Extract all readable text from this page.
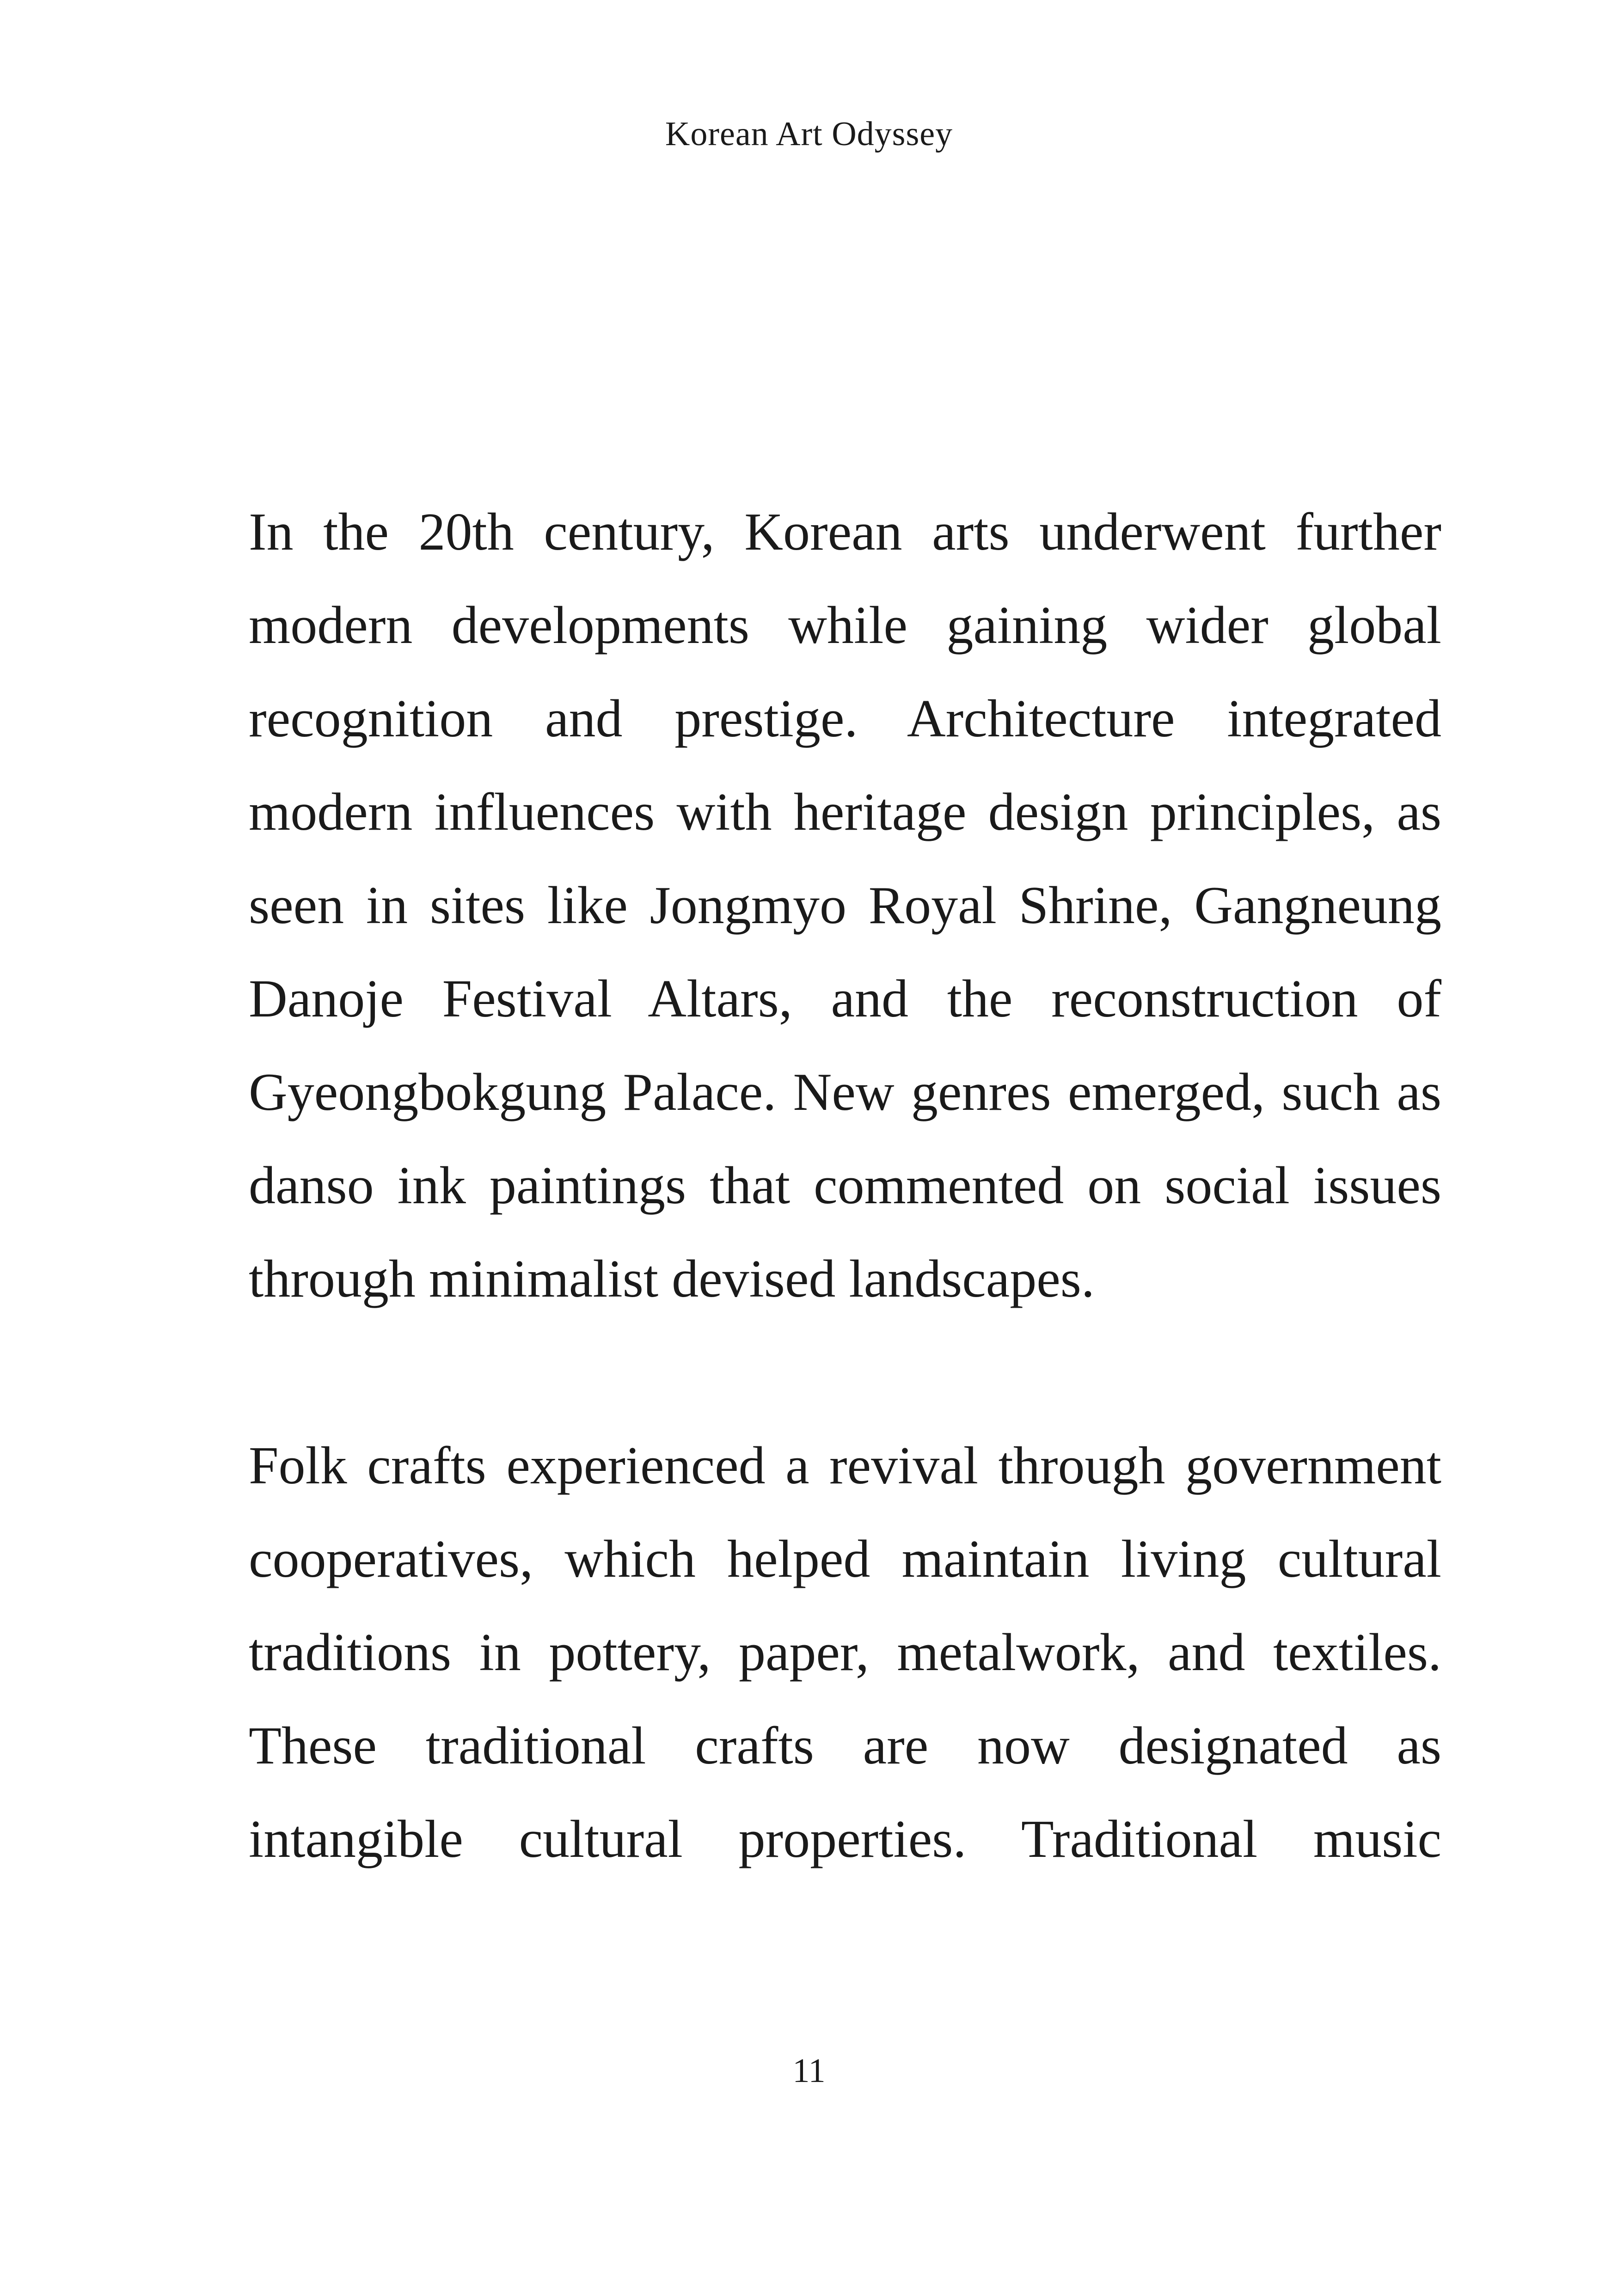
Korean Art Odyssey
In the 20th century, Korean arts underwent further
modern developments while gaining wider global
recognition and prestige. Architecture integrated
modern influences with heritage design principles, as
seen in sites like Jongmyo Royal Shrine, Gangneung
Danoje Festival Altars, and the reconstruction of
Gyeongbokgung Palace. New genres emerged, such as
danso ink paintings that commented on social issues
through minimalist devised landscapes.
Folk crafts experienced a revival through government
cooperatives, which helped maintain living cultural
traditions in pottery, paper, metalwork, and textiles.
These traditional crafts are now designated as
intangible cultural properties. Traditional music
11
